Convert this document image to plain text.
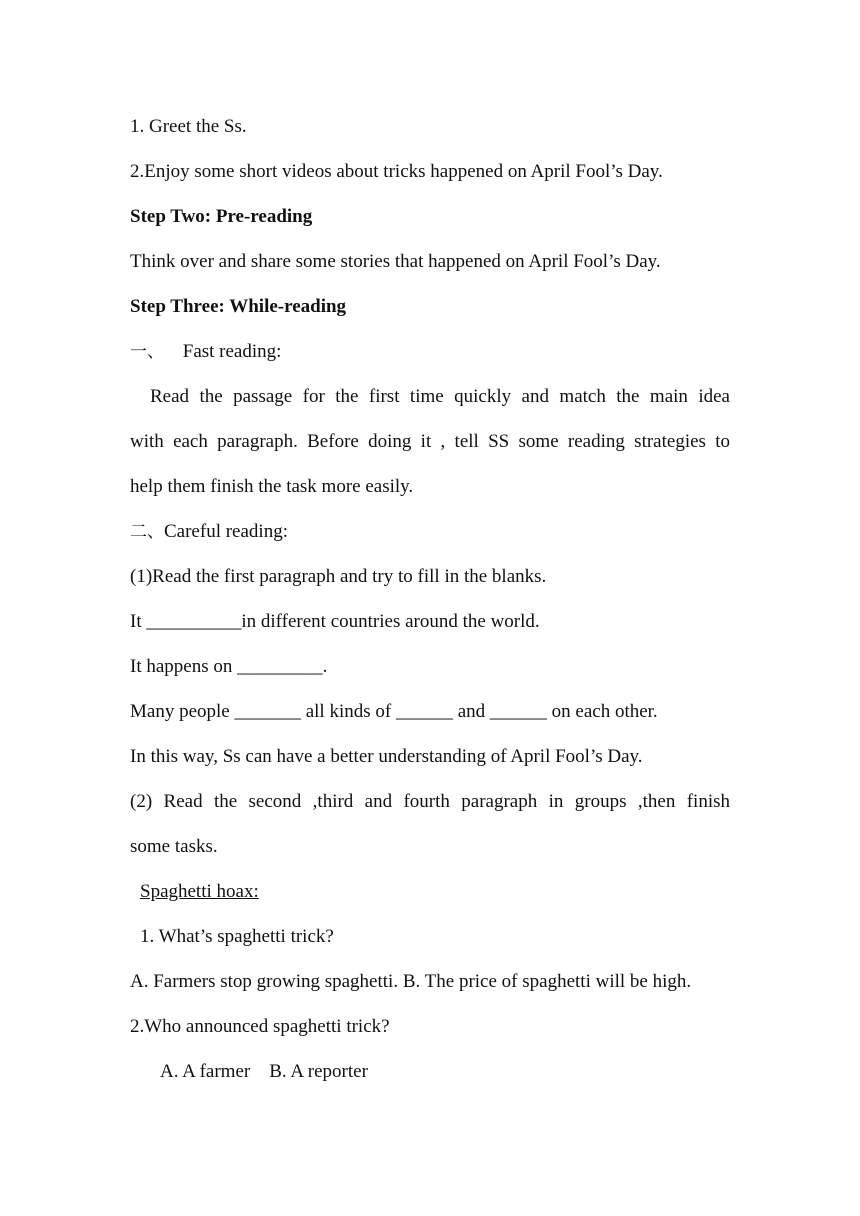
1. Greet the Ss.

2.Enjoy some short videos about tricks happened on April Fool’s Day.

Step Two: Pre-reading

Think over and share some stories that happened on April Fool’s Day.

Step Three: While-reading

一、 Fast reading:

Read the passage for the first time quickly and match the main idea

with each paragraph. Before doing it , tell SS some reading strategies to

help them finish the task more easily.

二、Careful reading:

(1)Read the first paragraph and try to fill in the blanks.

It __________in different countries around the world.

It happens on _________.

Many people _______ all kinds of ______ and ______ on each other.

In this way, Ss can have a better understanding of April Fool’s Day.

(2) Read the second ,third and fourth paragraph in groups ,then finish

some tasks.

Spaghetti hoax:

1. What’s spaghetti trick?

A. Farmers stop growing spaghetti. B. The price of spaghetti will be high.

2.Who announced spaghetti trick?

A. A farmer    B. A reporter
